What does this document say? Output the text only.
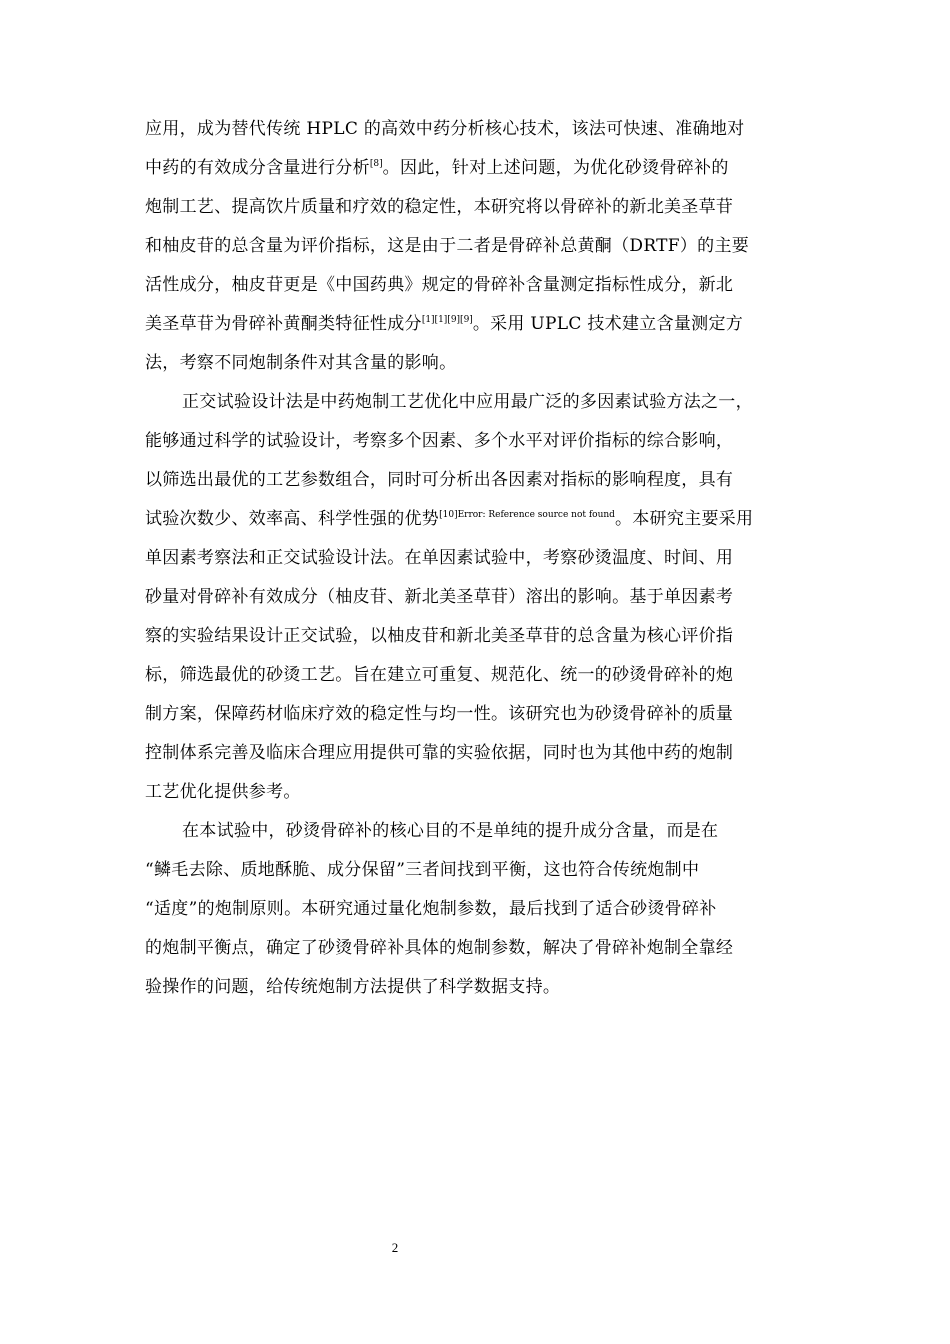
应用，成为替代传统 HPLC 的高效中药分析核心技术，该法可快速、准确地对
中药的有效成分含量进行分析[8]。因此，针对上述问题，为优化砂烫骨碎补的
炮制工艺、提高饮片质量和疗效的稳定性，本研究将以骨碎补的新北美圣草苷
和柚皮苷的总含量为评价指标，这是由于二者是骨碎补总黄酮（DRTF）的主要
活性成分，柚皮苷更是《中国药典》规定的骨碎补含量测定指标性成分，新北
美圣草苷为骨碎补黄酮类特征性成分[1][1][9][9]。采用 UPLC 技术建立含量测定方
法，考察不同炮制条件对其含量的影响。
正交试验设计法是中药炮制工艺优化中应用最广泛的多因素试验方法之一，
能够通过科学的试验设计，考察多个因素、多个水平对评价指标的综合影响，
以筛选出最优的工艺参数组合，同时可分析出各因素对指标的影响程度，具有
试验次数少、效率高、科学性强的优势$^{[10]Error: Reference source not found}$。本研究主要采用
单因素考察法和正交试验设计法。在单因素试验中，考察砂烫温度、时间、用
砂量对骨碎补有效成分（柚皮苷、新北美圣草苷）溶出的影响。基于单因素考
察的实验结果设计正交试验，以柚皮苷和新北美圣草苷的总含量为核心评价指
标，筛选最优的砂烫工艺。旨在建立可重复、规范化、统一的砂烫骨碎补的炮
制方案，保障药材临床疗效的稳定性与均一性。该研究也为砂烫骨碎补的质量
控制体系完善及临床合理应用提供可靠的实验依据，同时也为其他中药的炮制
工艺优化提供参考。
在本试验中，砂烫骨碎补的核心目的不是单纯的提升成分含量，而是在
“鳞毛去除、质地酥脆、成分保留”三者间找到平衡，这也符合传统炮制中
“适度”的炮制原则。本研究通过量化炮制参数，最后找到了适合砂烫骨碎补
的炮制平衡点，确定了砂烫骨碎补具体的炮制参数，解决了骨碎补炮制全靠经
验操作的问题，给传统炮制方法提供了科学数据支持。
2
